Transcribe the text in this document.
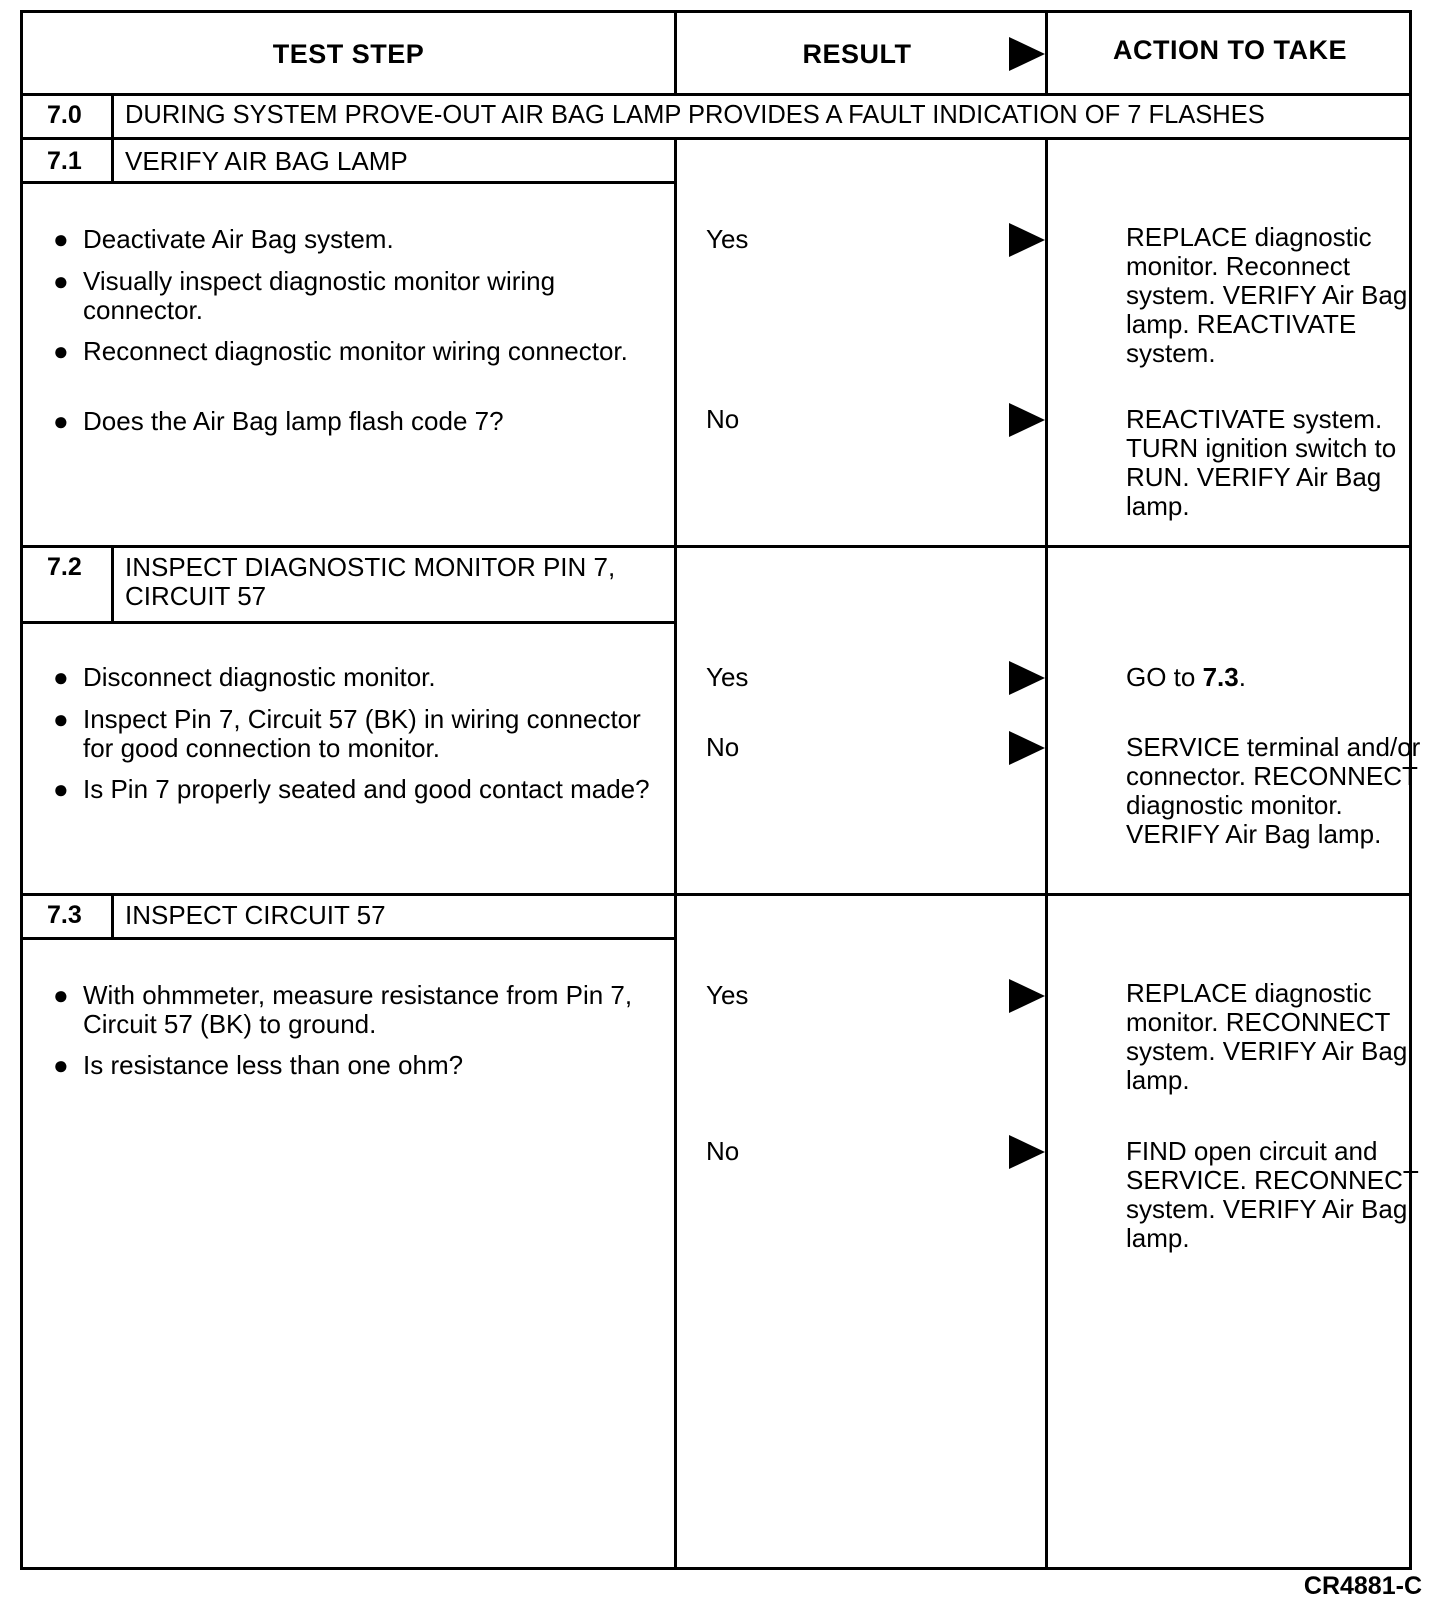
TEST STEP	RESULT	ACTION TO TAKE
7.0 DURING SYSTEM PROVE-OUT AIR BAG LAMP PROVIDES A FAULT INDICATION OF 7 FLASHES
7.1 VERIFY AIR BAG LAMP
● Deactivate Air Bag system.
● Visually inspect diagnostic monitor wiring connector.
● Reconnect diagnostic monitor wiring connector.
● Does the Air Bag lamp flash code 7?
Yes	REPLACE diagnostic monitor. Reconnect system. VERIFY Air Bag lamp. REACTIVATE system.
No	REACTIVATE system. TURN ignition switch to RUN. VERIFY Air Bag lamp.
7.2 INSPECT DIAGNOSTIC MONITOR PIN 7, CIRCUIT 57
● Disconnect diagnostic monitor.
● Inspect Pin 7, Circuit 57 (BK) in wiring connector for good connection to monitor.
● Is Pin 7 properly seated and good contact made?
Yes	GO to 7.3.
No	SERVICE terminal and/or connector. RECONNECT diagnostic monitor. VERIFY Air Bag lamp.
7.3 INSPECT CIRCUIT 57
● With ohmmeter, measure resistance from Pin 7, Circuit 57 (BK) to ground.
● Is resistance less than one ohm?
Yes	REPLACE diagnostic monitor. RECONNECT system. VERIFY Air Bag lamp.
No	FIND open circuit and SERVICE. RECONNECT system. VERIFY Air Bag lamp.
CR4881-C
